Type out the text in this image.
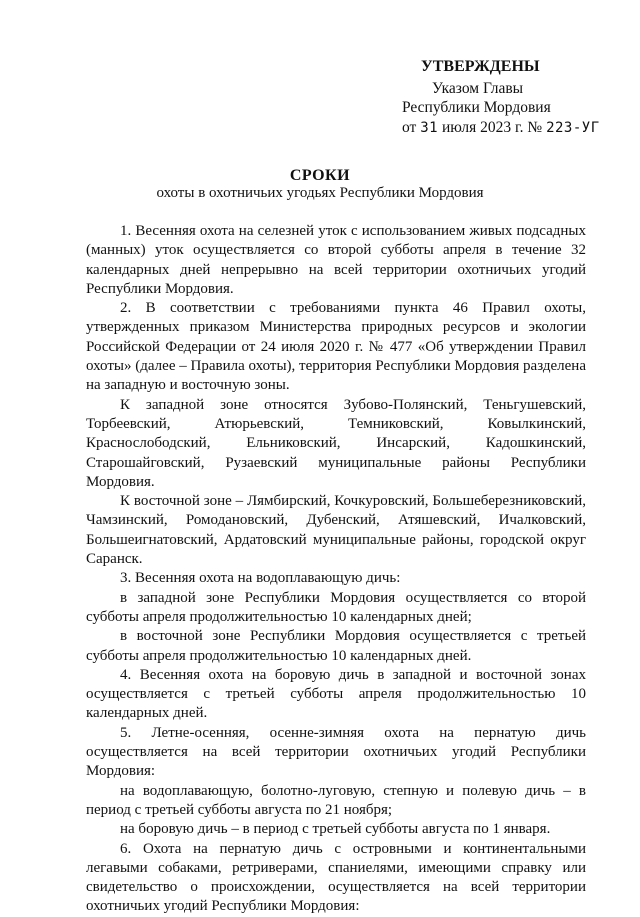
УТВЕРЖДЕНЫ
Указом Главы
Республики Мордовия
от 31 июля 2023 г. № 223-УГ
СРОКИ
охоты в охотничьих угодьях Республики Мордовия

1. Весенняя охота на селезней уток с использованием живых подсадных (манных) уток осуществляется со второй субботы апреля в течение 32 календарных дней непрерывно на всей территории охотничьих угодий Республики Мордовия.

2. В соответствии с требованиями пункта 46 Правил охоты, утвержденных приказом Министерства природных ресурсов и экологии Российской Федерации от 24 июля 2020 г. № 477 «Об утверждении Правил охоты» (далее – Правила охоты), территория Республики Мордовия разделена на западную и восточную зоны.

К западной зоне относятся Зубово-Полянский, Теньгушевский, Торбеевский, Атюрьевский, Темниковский, Ковылкинский, Краснослободский, Ельниковский, Инсарский, Кадошкинский, Старошайговский, Рузаевский муниципальные районы Республики Мордовия.

К восточной зоне – Лямбирский, Кочкуровский, Большеберезниковский, Чамзинский, Ромодановский, Дубенский, Атяшевский, Ичалковский, Большеигнатовский, Ардатовский муниципальные районы, городской округ Саранск.

3. Весенняя охота на водоплавающую дичь:

в западной зоне Республики Мордовия осуществляется со второй субботы апреля продолжительностью 10 календарных дней;

в восточной зоне Республики Мордовия осуществляется с третьей субботы апреля продолжительностью 10 календарных дней.

4. Весенняя охота на боровую дичь в западной и восточной зонах осуществляется с третьей субботы апреля продолжительностью 10 календарных дней.

5. Летне-осенняя, осенне-зимняя охота на пернатую дичь осуществляется на всей территории охотничьих угодий Республики Мордовия:

на водоплавающую, болотно-луговую, степную и полевую дичь – в период с третьей субботы августа по 21 ноября;

на боровую дичь – в период с третьей субботы августа по 1 января.

6. Охота на пернатую дичь с островными и континентальными легавыми собаками, ретриверами, спаниелями, имеющими справку или свидетельство о происхождении, осуществляется на всей территории охотничьих угодий Республики Мордовия:
